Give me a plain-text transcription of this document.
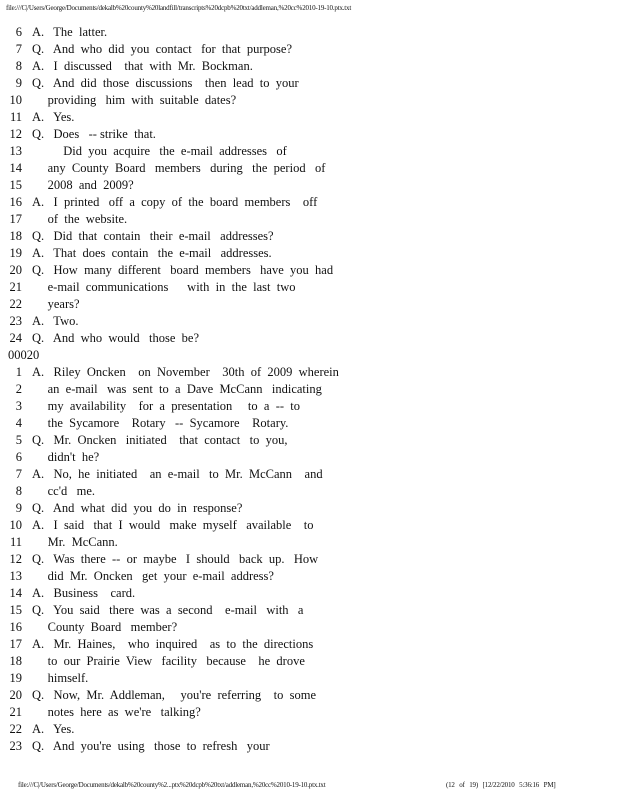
file:///C|/Users/George/Documents/dekalb%20county%20landfill/transcripts%20dcpb%20txt/addleman,%20cc%2010-19-10.ptx.txt
6 A.   The  latter.
7 Q.   And  who  did  you  contact   for  that  purpose?
8 A.   I  discussed    that  with  Mr.  Bockman.
9 Q.   And  did  those  discussions    then  lead  to  your
10 providing   him  with  suitable  dates?
11 A.   Yes.
12 Q.   Does   -- strike  that.
13 Did  you  acquire   the  e-mail  addresses   of
14 any  County  Board   members   during   the  period   of
15 2008  and  2009?
16 A.   I  printed   off  a  copy  of  the  board  members    off
17 of  the  website.
18 Q.   Did  that  contain   their  e-mail   addresses?
19 A.   That  does  contain   the  e-mail   addresses.
20 Q.   How  many  different   board  members   have  you  had
21 e-mail  communications      with  in  the  last  two
22 years?
23 A.   Two.
24 Q.   And  who  would   those  be?
00020
1 A.   Riley  Oncken    on  November    30th  of  2009  wherein
2 an  e-mail   was  sent  to  a  Dave  McCann   indicating
3 my  availability    for  a  presentation     to  a  --  to
4 the  Sycamore    Rotary   --  Sycamore    Rotary.
5 Q.   Mr.  Oncken   initiated    that  contact   to  you,
6 didn't  he?
7 A.   No,  he  initiated    an  e-mail   to  Mr.  McCann    and
8 cc'd   me.
9 Q.   And  what  did  you  do  in  response?
10 A.   I  said   that  I  would   make  myself   available    to
11 Mr.  McCann.
12 Q.   Was  there  --  or  maybe   I  should   back  up.   How
13 did  Mr.  Oncken   get  your  e-mail  address?
14 A.   Business    card.
15 Q.   You  said   there  was  a  second    e-mail   with   a
16 County  Board   member?
17 A.   Mr.  Haines,    who  inquired    as  to  the  directions
18 to  our  Prairie  View   facility   because    he  drove
19 himself.
20 Q.   Now,  Mr.  Addleman,     you're  referring    to  some
21 notes  here  as  we're   talking?
22 A.   Yes.
23 Q.   And  you're  using   those  to  refresh   your
file:///C|/Users/George/Documents/dekalb%20county%2...ptx%20dcpb%20txt/addleman,%20cc%2010-19-10.ptx.txt	(12 of 19) [12/22/2010 5:36:16 PM]
